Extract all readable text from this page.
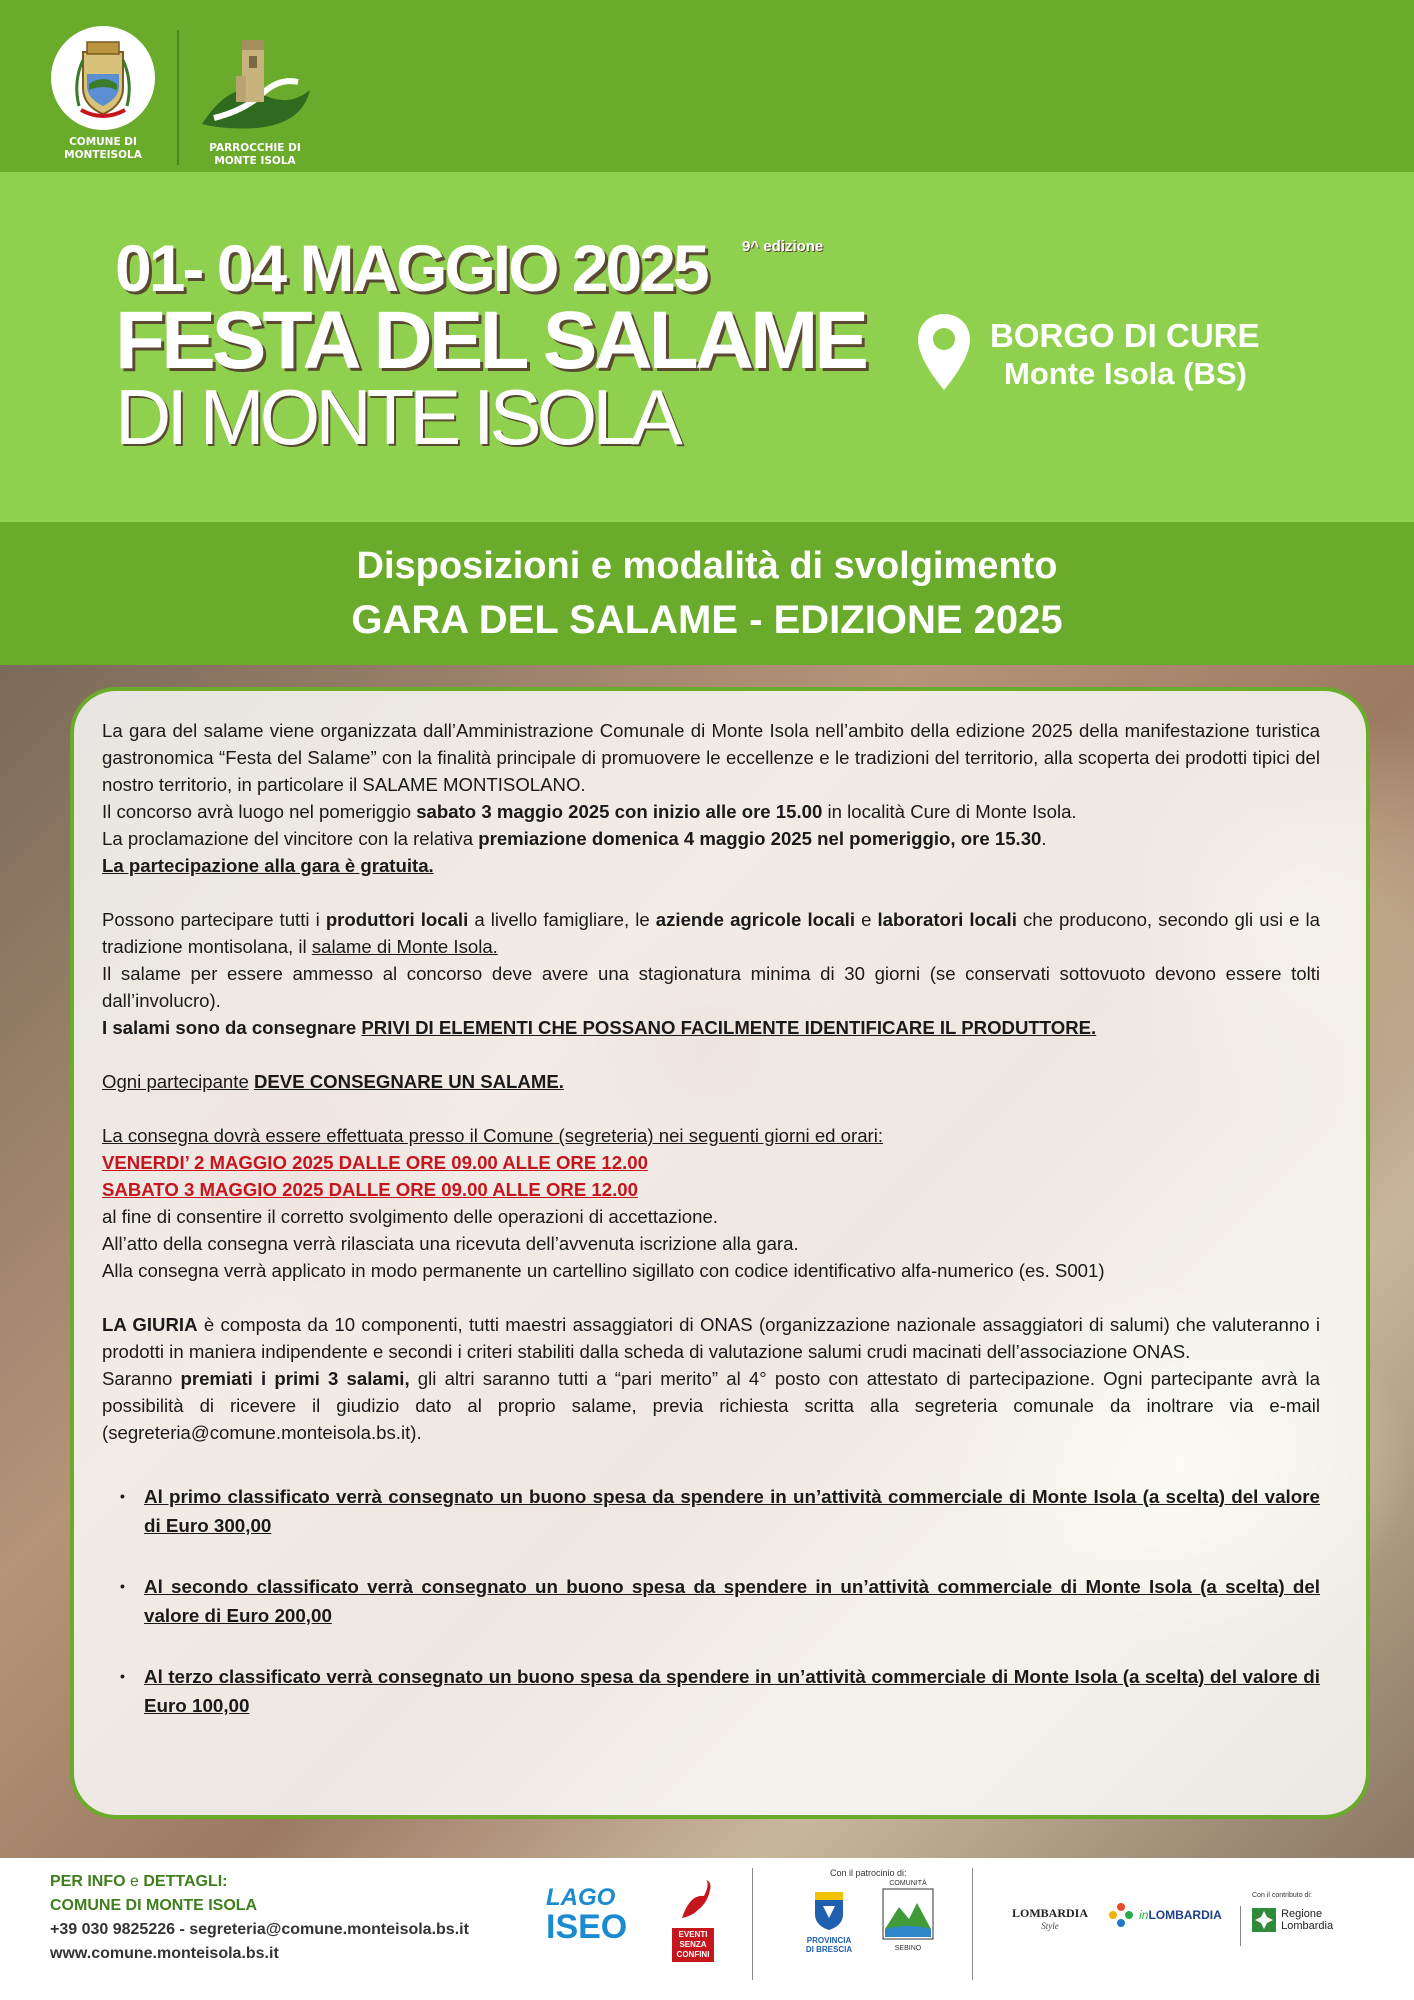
COMUNE DI
MONTEISOLA
PARROCCHIE DI
MONTE ISOLA
01- 04 MAGGIO 2025 9^ edizione
FESTA DEL SALAME
DI MONTE ISOLA
BORGO DI CURE
Monte Isola (BS)
Disposizioni e modalità di svolgimento
GARA DEL SALAME - EDIZIONE 2025

La gara del salame viene organizzata dall’Amministrazione Comunale di Monte Isola nell’ambito della edizione 2025 della manifestazione turistica gastronomica “Festa del Salame” con la finalità principale di promuovere le eccellenze e le tradizioni del territorio, alla scoperta dei prodotti tipici del nostro territorio, in particolare il SALAME MONTISOLANO.

Il concorso avrà luogo nel pomeriggio sabato 3 maggio 2025 con inizio alle ore 15.00 in località Cure di Monte Isola.

La proclamazione del vincitore con la relativa premiazione domenica 4 maggio 2025 nel pomeriggio, ore 15.30.

La partecipazione alla gara è gratuita.

Possono partecipare tutti i produttori locali a livello famigliare, le aziende agricole locali e laboratori locali che producono, secondo gli usi e la tradizione montisolana, il salame di Monte Isola.

Il salame per essere ammesso al concorso deve avere una stagionatura minima di 30 giorni (se conservati sottovuoto devono essere tolti dall’involucro).

I salami sono da consegnare PRIVI DI ELEMENTI CHE POSSANO FACILMENTE IDENTIFICARE IL PRODUTTORE.

Ogni partecipante DEVE CONSEGNARE UN SALAME.

La consegna dovrà essere effettuata presso il Comune (segreteria) nei seguenti giorni ed orari:

VENERDI’ 2 MAGGIO 2025 DALLE ORE 09.00 ALLE ORE 12.00

SABATO 3 MAGGIO 2025 DALLE ORE 09.00 ALLE ORE 12.00

al fine di consentire il corretto svolgimento delle operazioni di accettazione.

All’atto della consegna verrà rilasciata una ricevuta dell’avvenuta iscrizione alla gara.

Alla consegna verrà applicato in modo permanente un cartellino sigillato con codice identificativo alfa-numerico (es. S001)

LA GIURIA è composta da 10 componenti, tutti maestri assaggiatori di ONAS (organizzazione nazionale assaggiatori di salumi) che valuteranno i prodotti in maniera indipendente e secondi i criteri stabiliti dalla scheda di valutazione salumi crudi macinati dell’associazione ONAS.

Saranno premiati i primi 3 salami, gli altri saranno tutti a “pari merito” al 4° posto con attestato di partecipazione. Ogni partecipante avrà la possibilità di ricevere il giudizio dato al proprio salame, previa richiesta scritta alla segreteria comunale da inoltrare via e-mail (segreteria@comune.monteisola.bs.it).

• Al primo classificato verrà consegnato un buono spesa da spendere in un’attività commerciale di Monte Isola (a scelta) del valore di Euro 300,00
• Al secondo classificato verrà consegnato un buono spesa da spendere in un’attività commerciale di Monte Isola (a scelta) del valore di Euro 200,00
• Al terzo classificato verrà consegnato un buono spesa da spendere in un’attività commerciale di Monte Isola (a scelta) del valore di Euro 100,00
PER INFO e DETTAGLI:
COMUNE DI MONTE ISOLA
+39 030 9825226 - segreteria@comune.monteisola.bs.it
www.comune.monteisola.bs.it
LAGO
ISEO	EVENTI
SENZA
CONFINI
Con il patrocinio di:
PROVINCIA
DI BRESCIA
COMUNITÀ
SEBINO
LOMBARDIA
Style
inLOMBARDIA
Con il contributo di:

Regione
Lombardia
